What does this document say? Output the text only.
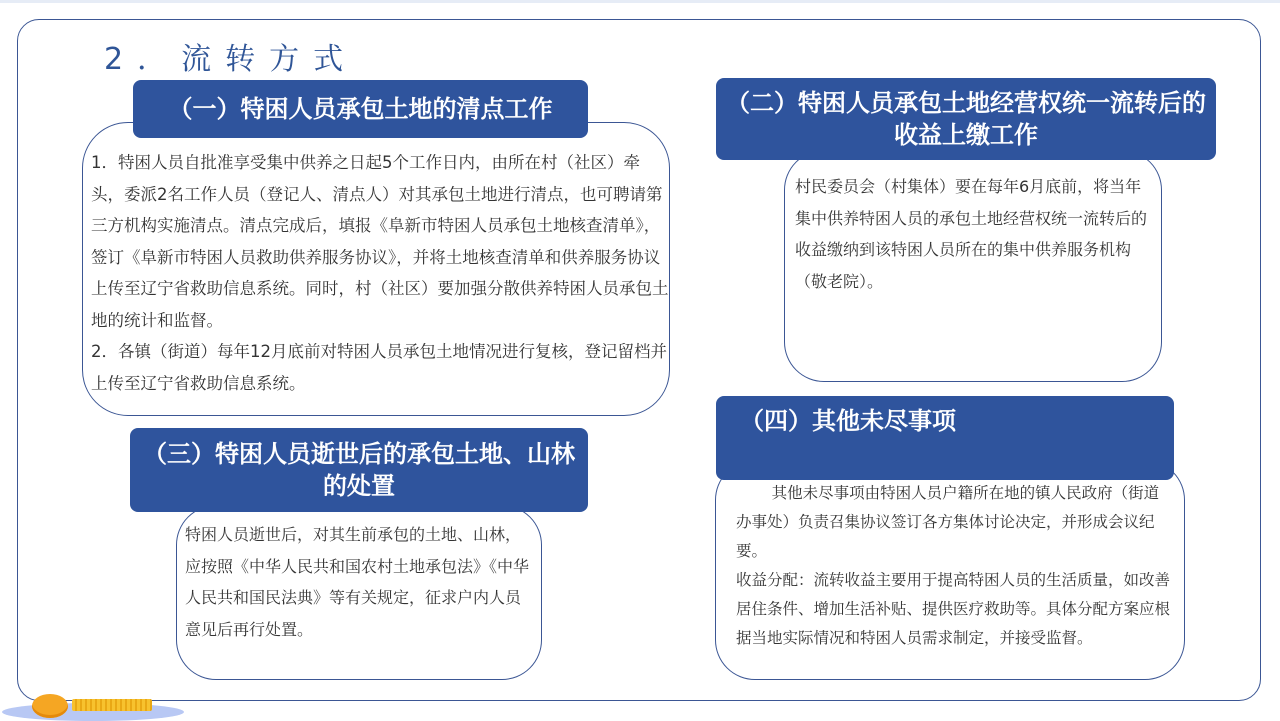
2．流转方式
（一）特困人员承包土地的清点工作

1．特困人员自批准享受集中供养之日起5个工作日内，由所在村（社区）牵头，委派2名工作人员（登记人、清点人）对其承包土地进行清点，也可聘请第三方机构实施清点。清点完成后，填报《阜新市特困人员承包土地核查清单》，签订《阜新市特困人员救助供养服务协议》，并将土地核查清单和供养服务协议上传至辽宁省救助信息系统。同时，村（社区）要加强分散供养特困人员承包土地的统计和监督。

2．各镇（街道）每年12月底前对特困人员承包土地情况进行复核，登记留档并上传至辽宁省救助信息系统。

（二）特困人员承包土地经营权统一流转后的收益上缴工作

村民委员会（村集体）要在每年6月底前，将当年集中供养特困人员的承包土地经营权统一流转后的收益缴纳到该特困人员所在的集中供养服务机构（敬老院）。

（三）特困人员逝世后的承包土地、山林的处置

特困人员逝世后，对其生前承包的土地、山林，应按照《中华人民共和国农村土地承包法》《中华人民共和国民法典》等有关规定，征求户内人员意见后再行处置。

（四）其他未尽事项

其他未尽事项由特困人员户籍所在地的镇人民政府（街道办事处）负责召集协议签订各方集体讨论决定，并形成会议纪要。

收益分配：流转收益主要用于提高特困人员的生活质量，如改善居住条件、增加生活补贴、提供医疗救助等。具体分配方案应根据当地实际情况和特困人员需求制定，并接受监督。
